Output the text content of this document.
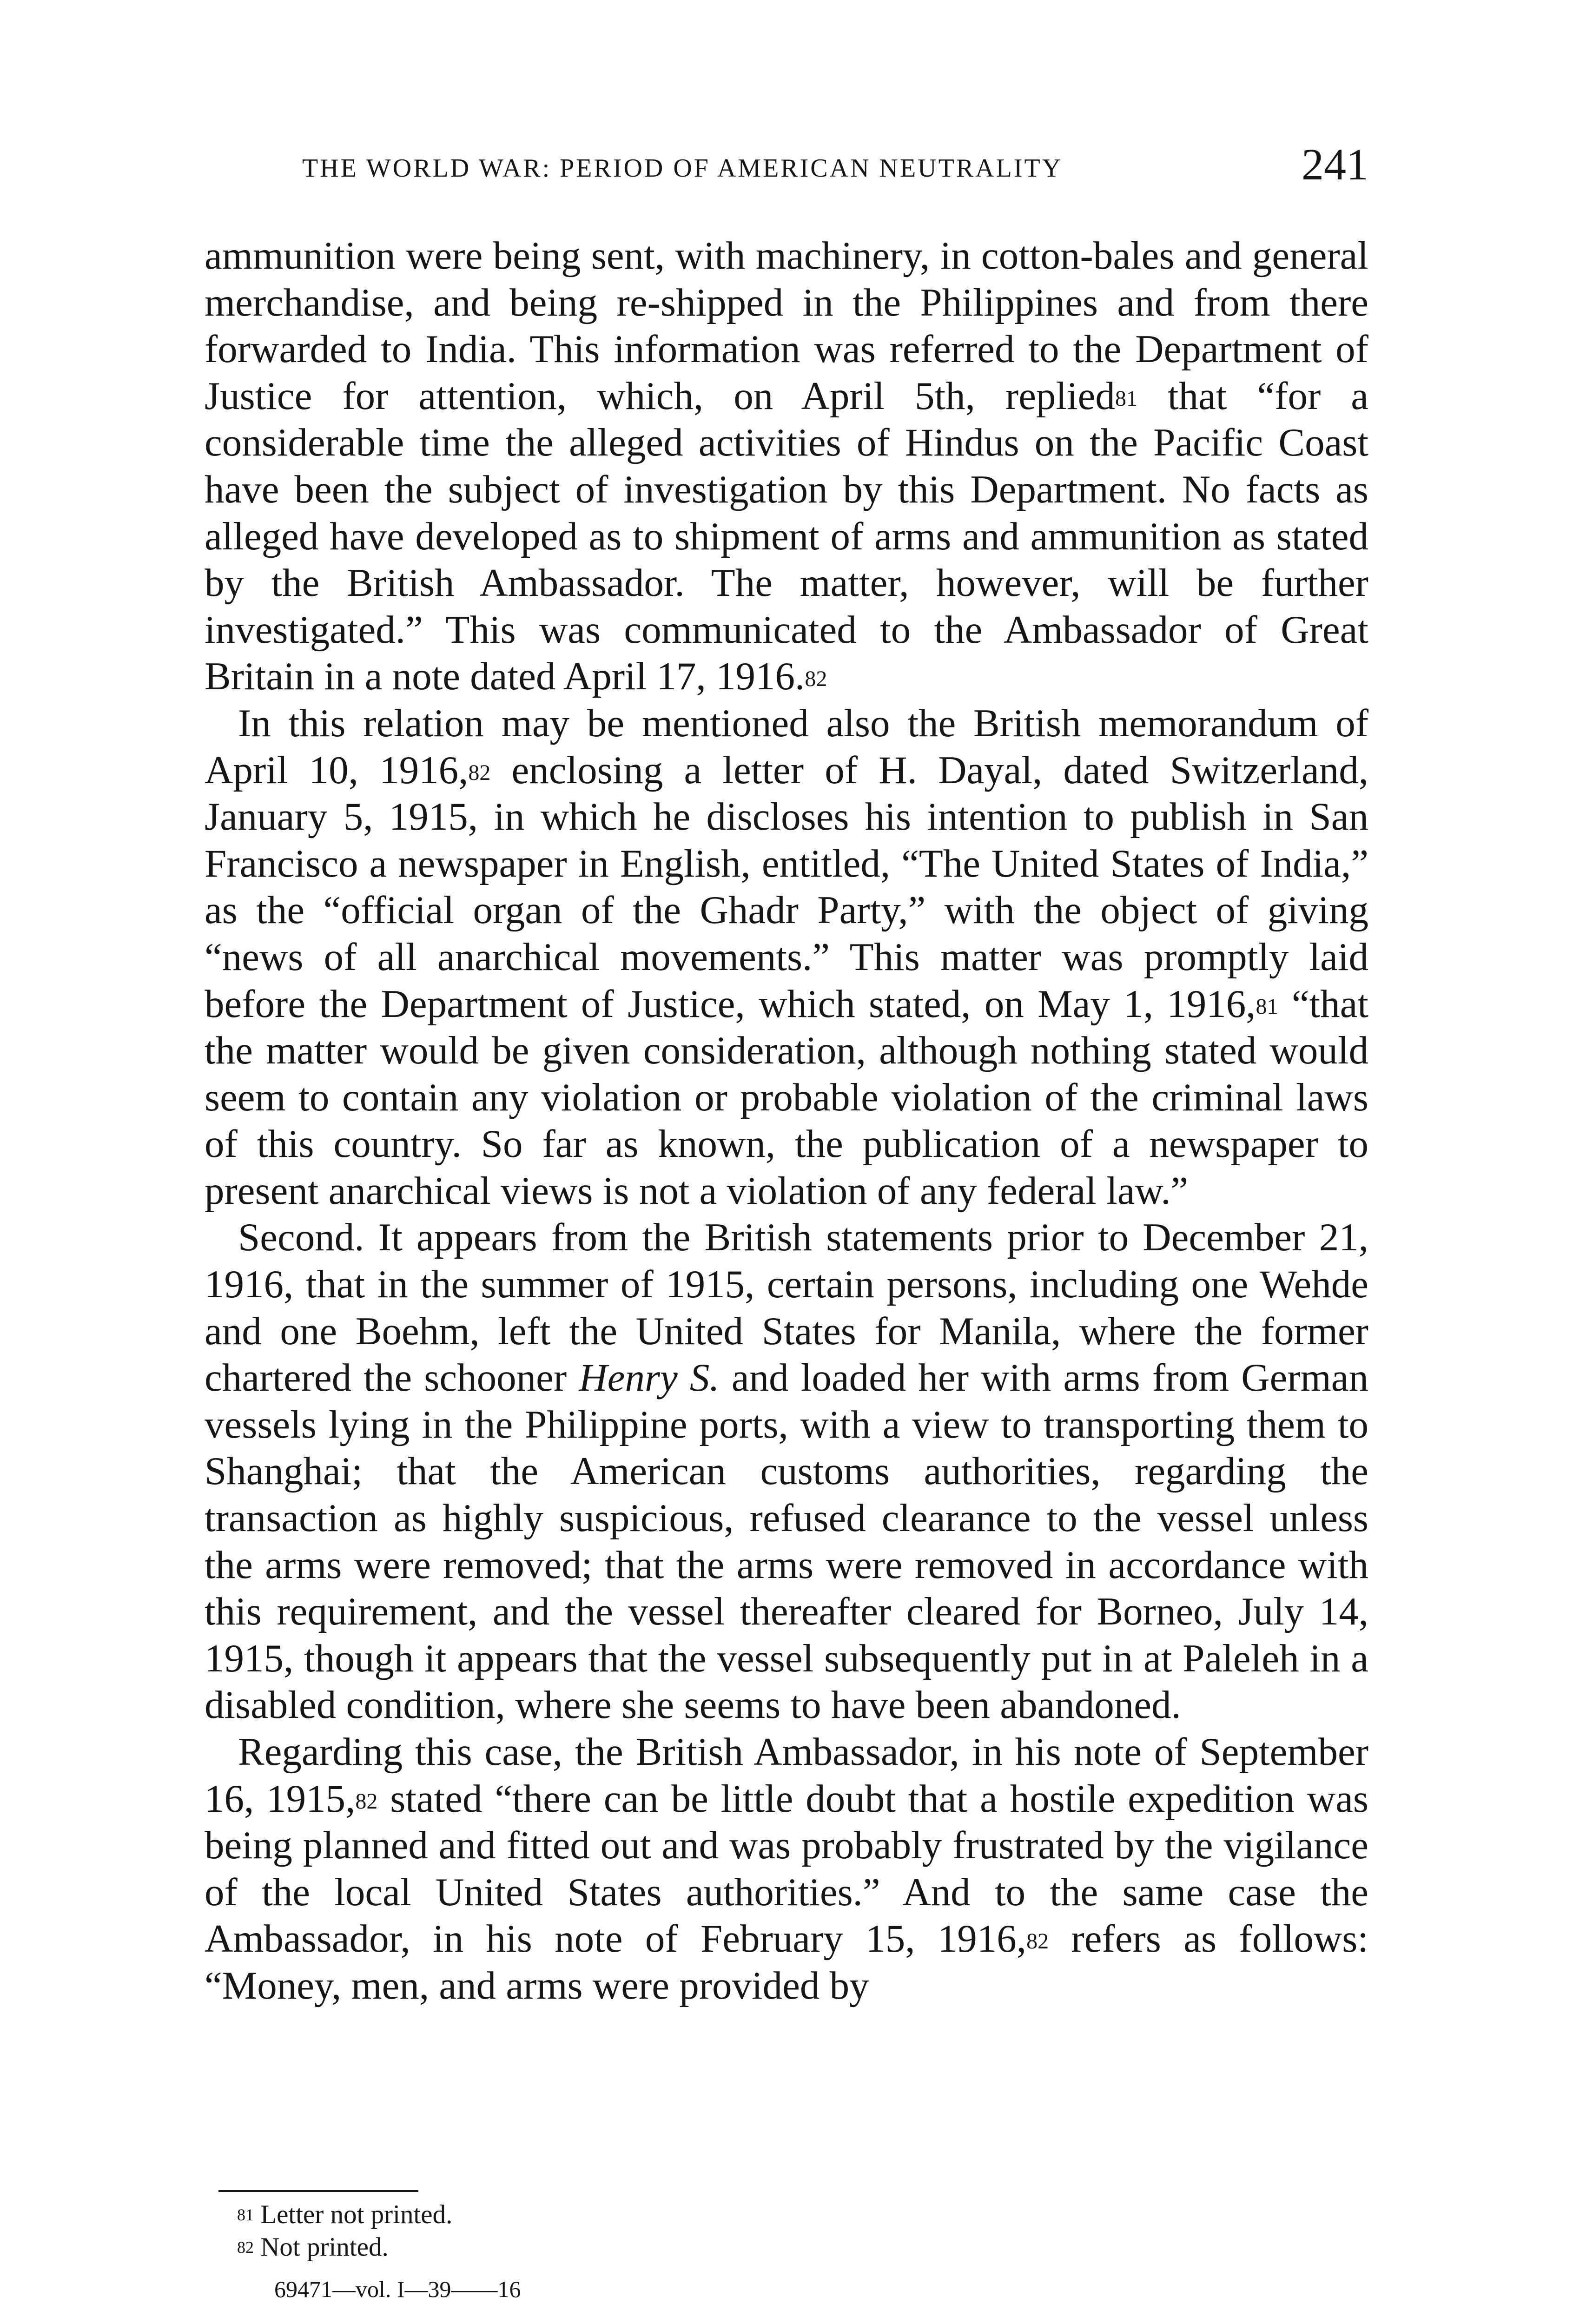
THE WORLD WAR: PERIOD OF AMERICAN NEUTRALITY	241

ammunition were being sent, with machinery, in cotton-bales and general merchandise, and being re-shipped in the Philippines and from there forwarded to India. This information was referred to the Department of Justice for attention, which, on April 5th, replied$^{81}$ that “for a considerable time the alleged activities of Hindus on the Pacific Coast have been the subject of investigation by this Department. No facts as alleged have developed as to shipment of arms and ammunition as stated by the British Ambassador. The matter, however, will be further investigated.” This was communicated to the Ambassador of Great Britain in a note dated April 17, 1916.82

In this relation may be mentioned also the British memorandum of April 10, 1916,82 enclosing a letter of H. Dayal, dated Switzerland, January 5, 1915, in which he discloses his intention to publish in San Francisco a newspaper in English, entitled, “The United States of India,” as the “official organ of the Ghadr Party,” with the object of giving “news of all anarchical movements.” This matter was promptly laid before the Department of Justice, which stated, on May 1, 1916,81 “that the matter would be given consideration, although nothing stated would seem to contain any violation or probable violation of the criminal laws of this country. So far as known, the publication of a newspaper to present anarchical views is not a violation of any federal law.”

Second. It appears from the British statements prior to December 21, 1916, that in the summer of 1915, certain persons, including one Wehde and one Boehm, left the United States for Manila, where the former chartered the schooner Henry S. and loaded her with arms from German vessels lying in the Philippine ports, with a view to transporting them to Shanghai; that the American customs authorities, regarding the transaction as highly suspicious, refused clearance to the vessel unless the arms were removed; that the arms were removed in accordance with this requirement, and the vessel thereafter cleared for Borneo, July 14, 1915, though it appears that the vessel subsequently put in at Paleleh in a disabled condition, where she seems to have been abandoned.

Regarding this case, the British Ambassador, in his note of September 16, 1915,82 stated “there can be little doubt that a hostile expedition was being planned and fitted out and was probably frustrated by the vigilance of the local United States authorities.” And to the same case the Ambassador, in his note of February 15, 1916,82 refers as follows: “Money, men, and arms were provided by

$^{81}$ Letter not printed.
$^{82}$ Not printed.
69471—vol. I—39——16
